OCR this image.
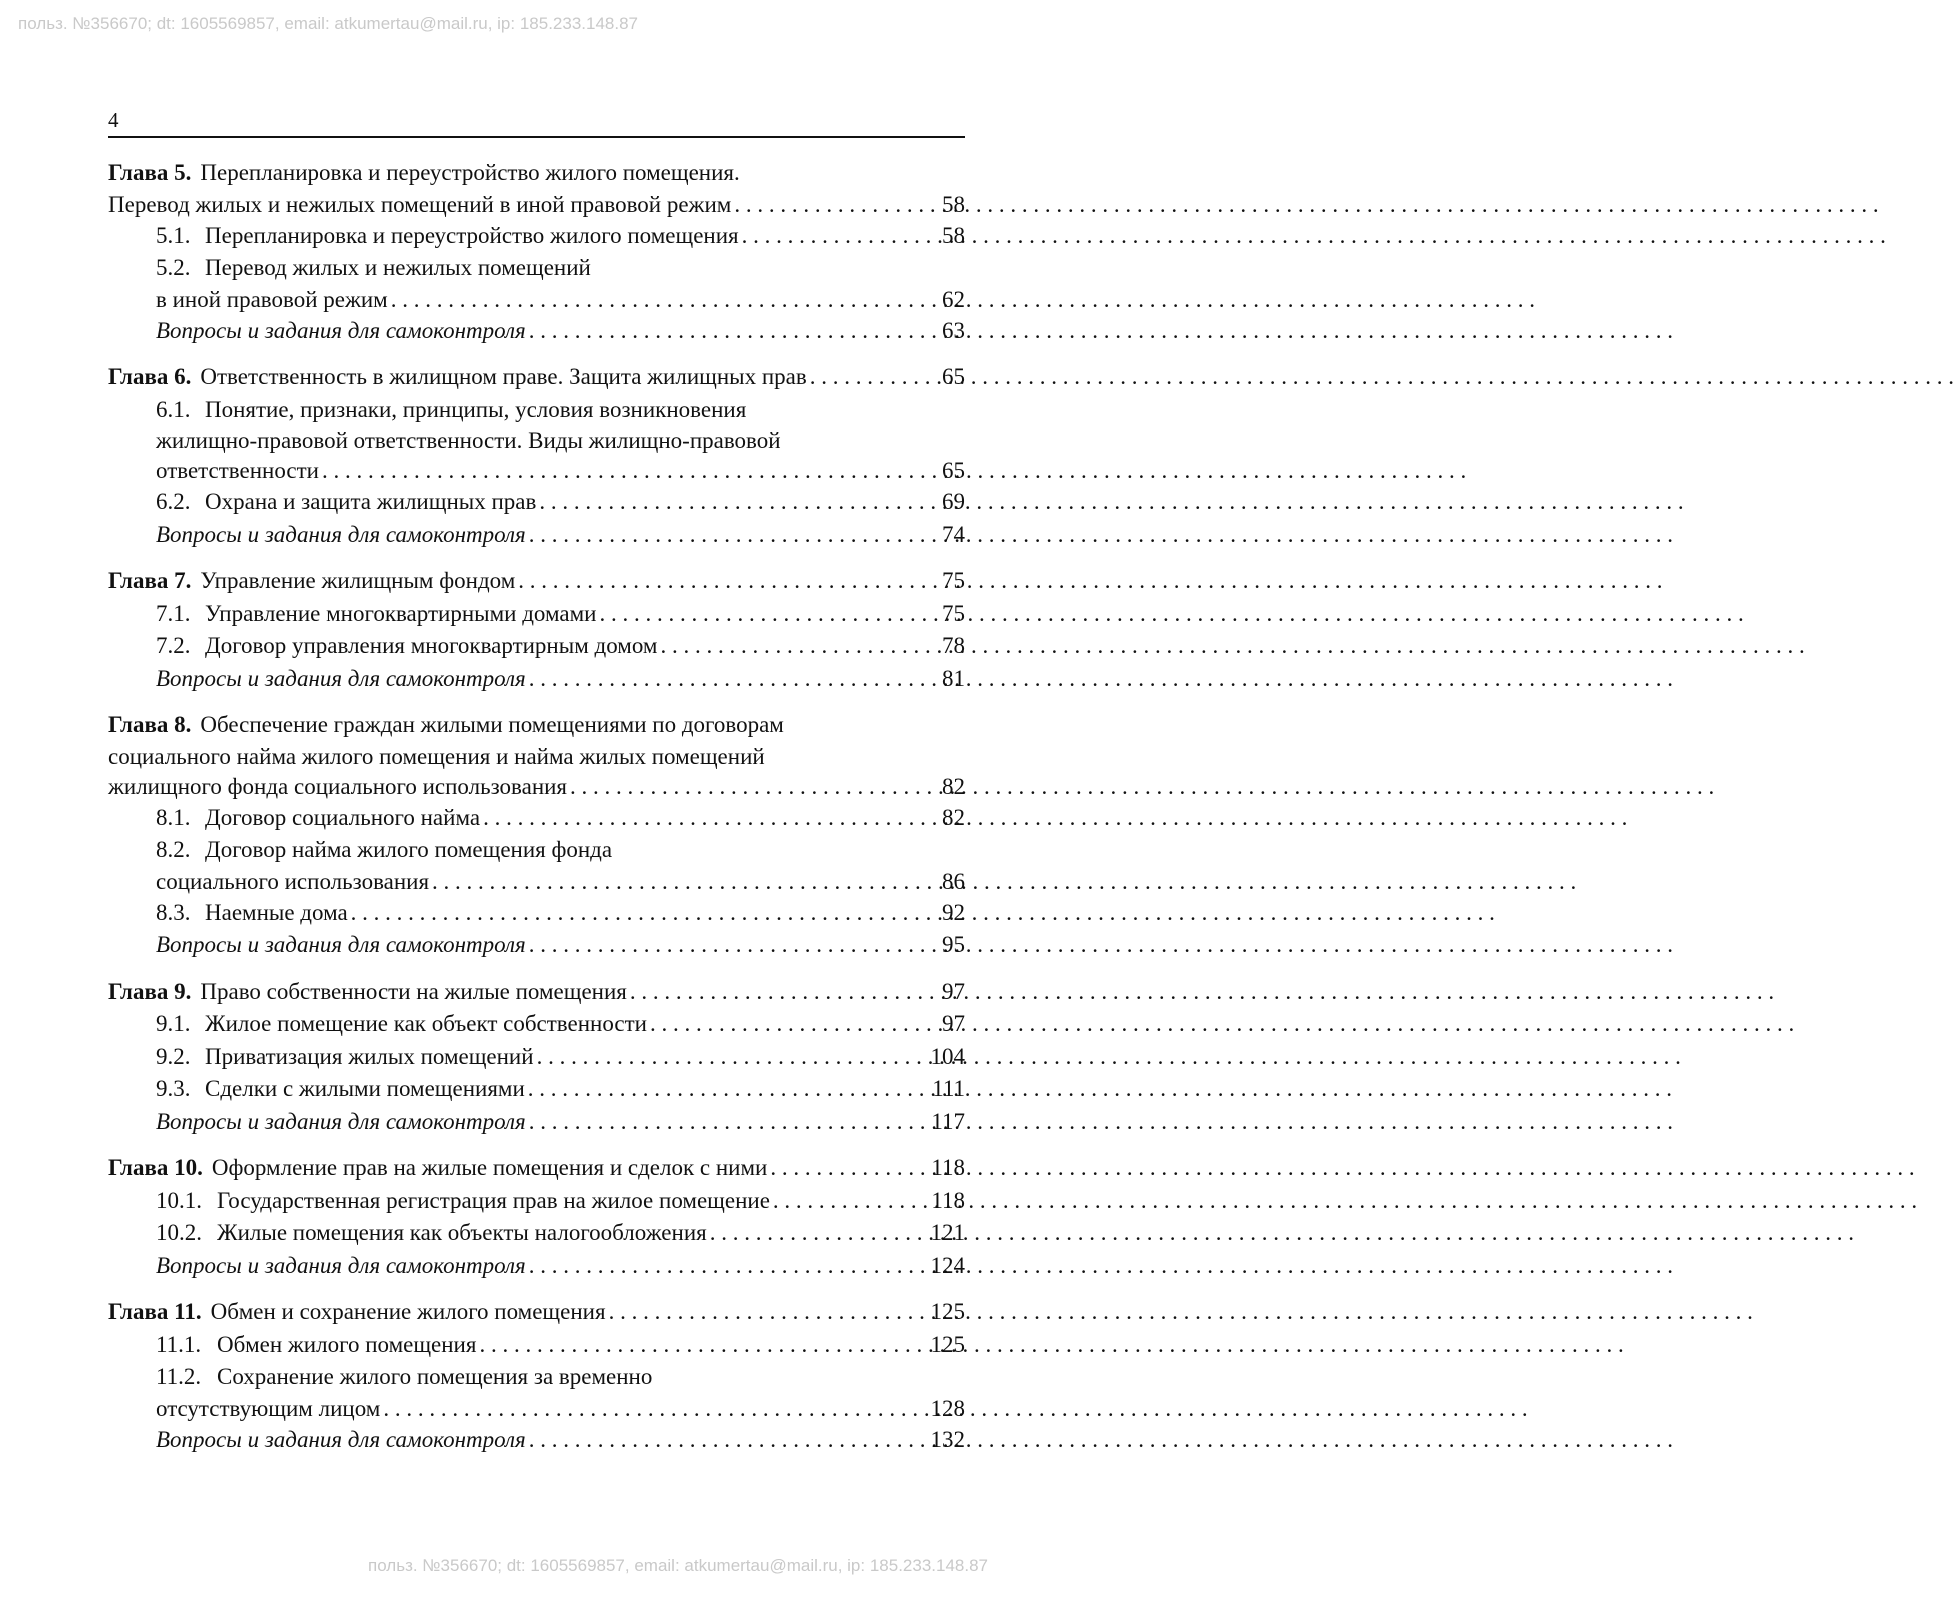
польз. №356670; dt: 1605569857, email: atkumertau@mail.ru, ip: 185.233.148.87
4
Глава 5. Перепланировка и переустройство жилого помещения.
Перевод жилых и нежилых помещений в иной правовой режим . . .	58
5.1. Перепланировка и переустройство жилого помещения . . .	58
5.2. Перевод жилых и нежилых помещений
в иной правовой режим . . .	62
Вопросы и задания для самоконтроля . . .	63
Глава 6. Ответственность в жилищном праве. Защита жилищных прав . . .	65
6.1. Понятие, признаки, принципы, условия возникновения
жилищно-правовой ответственности. Виды жилищно-правовой
ответственности . . .	65
6.2. Охрана и защита жилищных прав . . .	69
Вопросы и задания для самоконтроля . . .	74
Глава 7. Управление жилищным фондом . . .	75
7.1. Управление многоквартирными домами . . .	75
7.2. Договор управления многоквартирным домом . . .	78
Вопросы и задания для самоконтроля . . .	81
Глава 8. Обеспечение граждан жилыми помещениями по договорам
социального найма жилого помещения и найма жилых помещений
жилищного фонда социального использования . . .	82
8.1. Договор социального найма . . .	82
8.2. Договор найма жилого помещения фонда
социального использования . . .	86
8.3. Наемные дома . . .	92
Вопросы и задания для самоконтроля . . .	95
Глава 9. Право собственности на жилые помещения . . .	97
9.1. Жилое помещение как объект собственности . . .	97
9.2. Приватизация жилых помещений . . .	104
9.3. Сделки с жилыми помещениями . . .	111
Вопросы и задания для самоконтроля . . .	117
Глава 10. Оформление прав на жилые помещения и сделок с ними . . .	118
10.1. Государственная регистрация прав на жилое помещение . . .	118
10.2. Жилые помещения как объекты налогообложения . . .	121
Вопросы и задания для самоконтроля . . .	124
Глава 11. Обмен и сохранение жилого помещения . . .	125
11.1. Обмен жилого помещения . . .	125
11.2. Сохранение жилого помещения за временно
отсутствующим лицом . . .	128
Вопросы и задания для самоконтроля . . .	132
польз. №356670; dt: 1605569857, email: atkumertau@mail.ru, ip: 185.233.148.87
